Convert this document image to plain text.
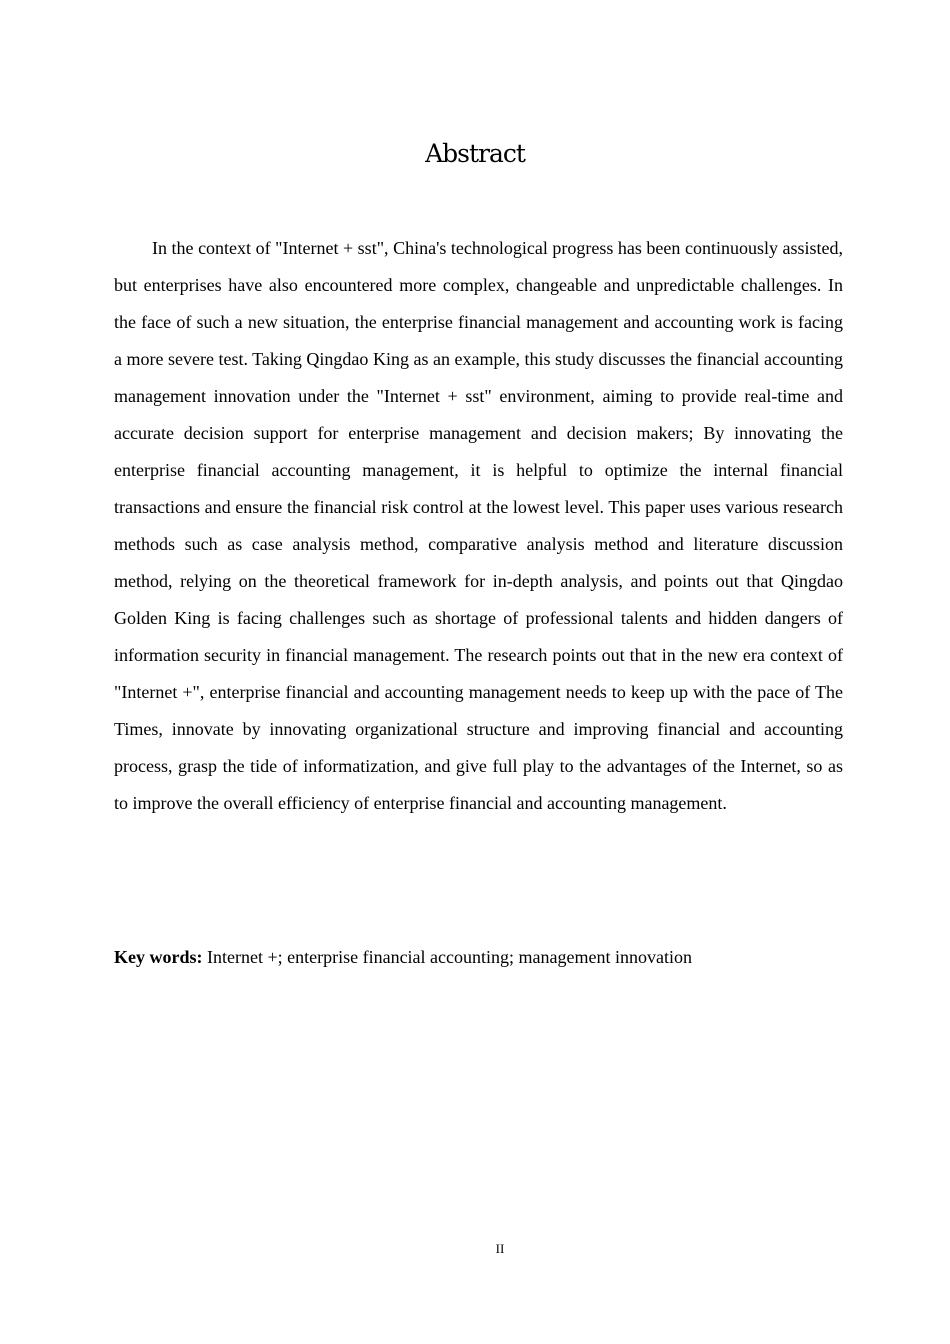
Abstract

In the context of "Internet + sst", China's technological progress has been continuously assisted, but enterprises have also encountered more complex, changeable and unpredictable challenges. In the face of such a new situation, the enterprise financial management and accounting work is facing a more severe test. Taking Qingdao King as an example, this study discusses the financial accounting management innovation under the "Internet + sst" environment, aiming to provide real-time and accurate decision support for enterprise management and decision makers; By innovating the enterprise financial accounting management, it is helpful to optimize the internal financial transactions and ensure the financial risk control at the lowest level. This paper uses various research methods such as case analysis method, comparative analysis method and literature discussion method, relying on the theoretical framework for in-depth analysis, and points out that Qingdao Golden King is facing challenges such as shortage of professional talents and hidden dangers of information security in financial management. The research points out that in the new era context of "Internet +", enterprise financial and accounting management needs to keep up with the pace of The Times, innovate by innovating organizational structure and improving financial and accounting process, grasp the tide of informatization, and give full play to the advantages of the Internet, so as to improve the overall efficiency of enterprise financial and accounting management.

Key words: Internet +; enterprise financial accounting; management innovation

II
